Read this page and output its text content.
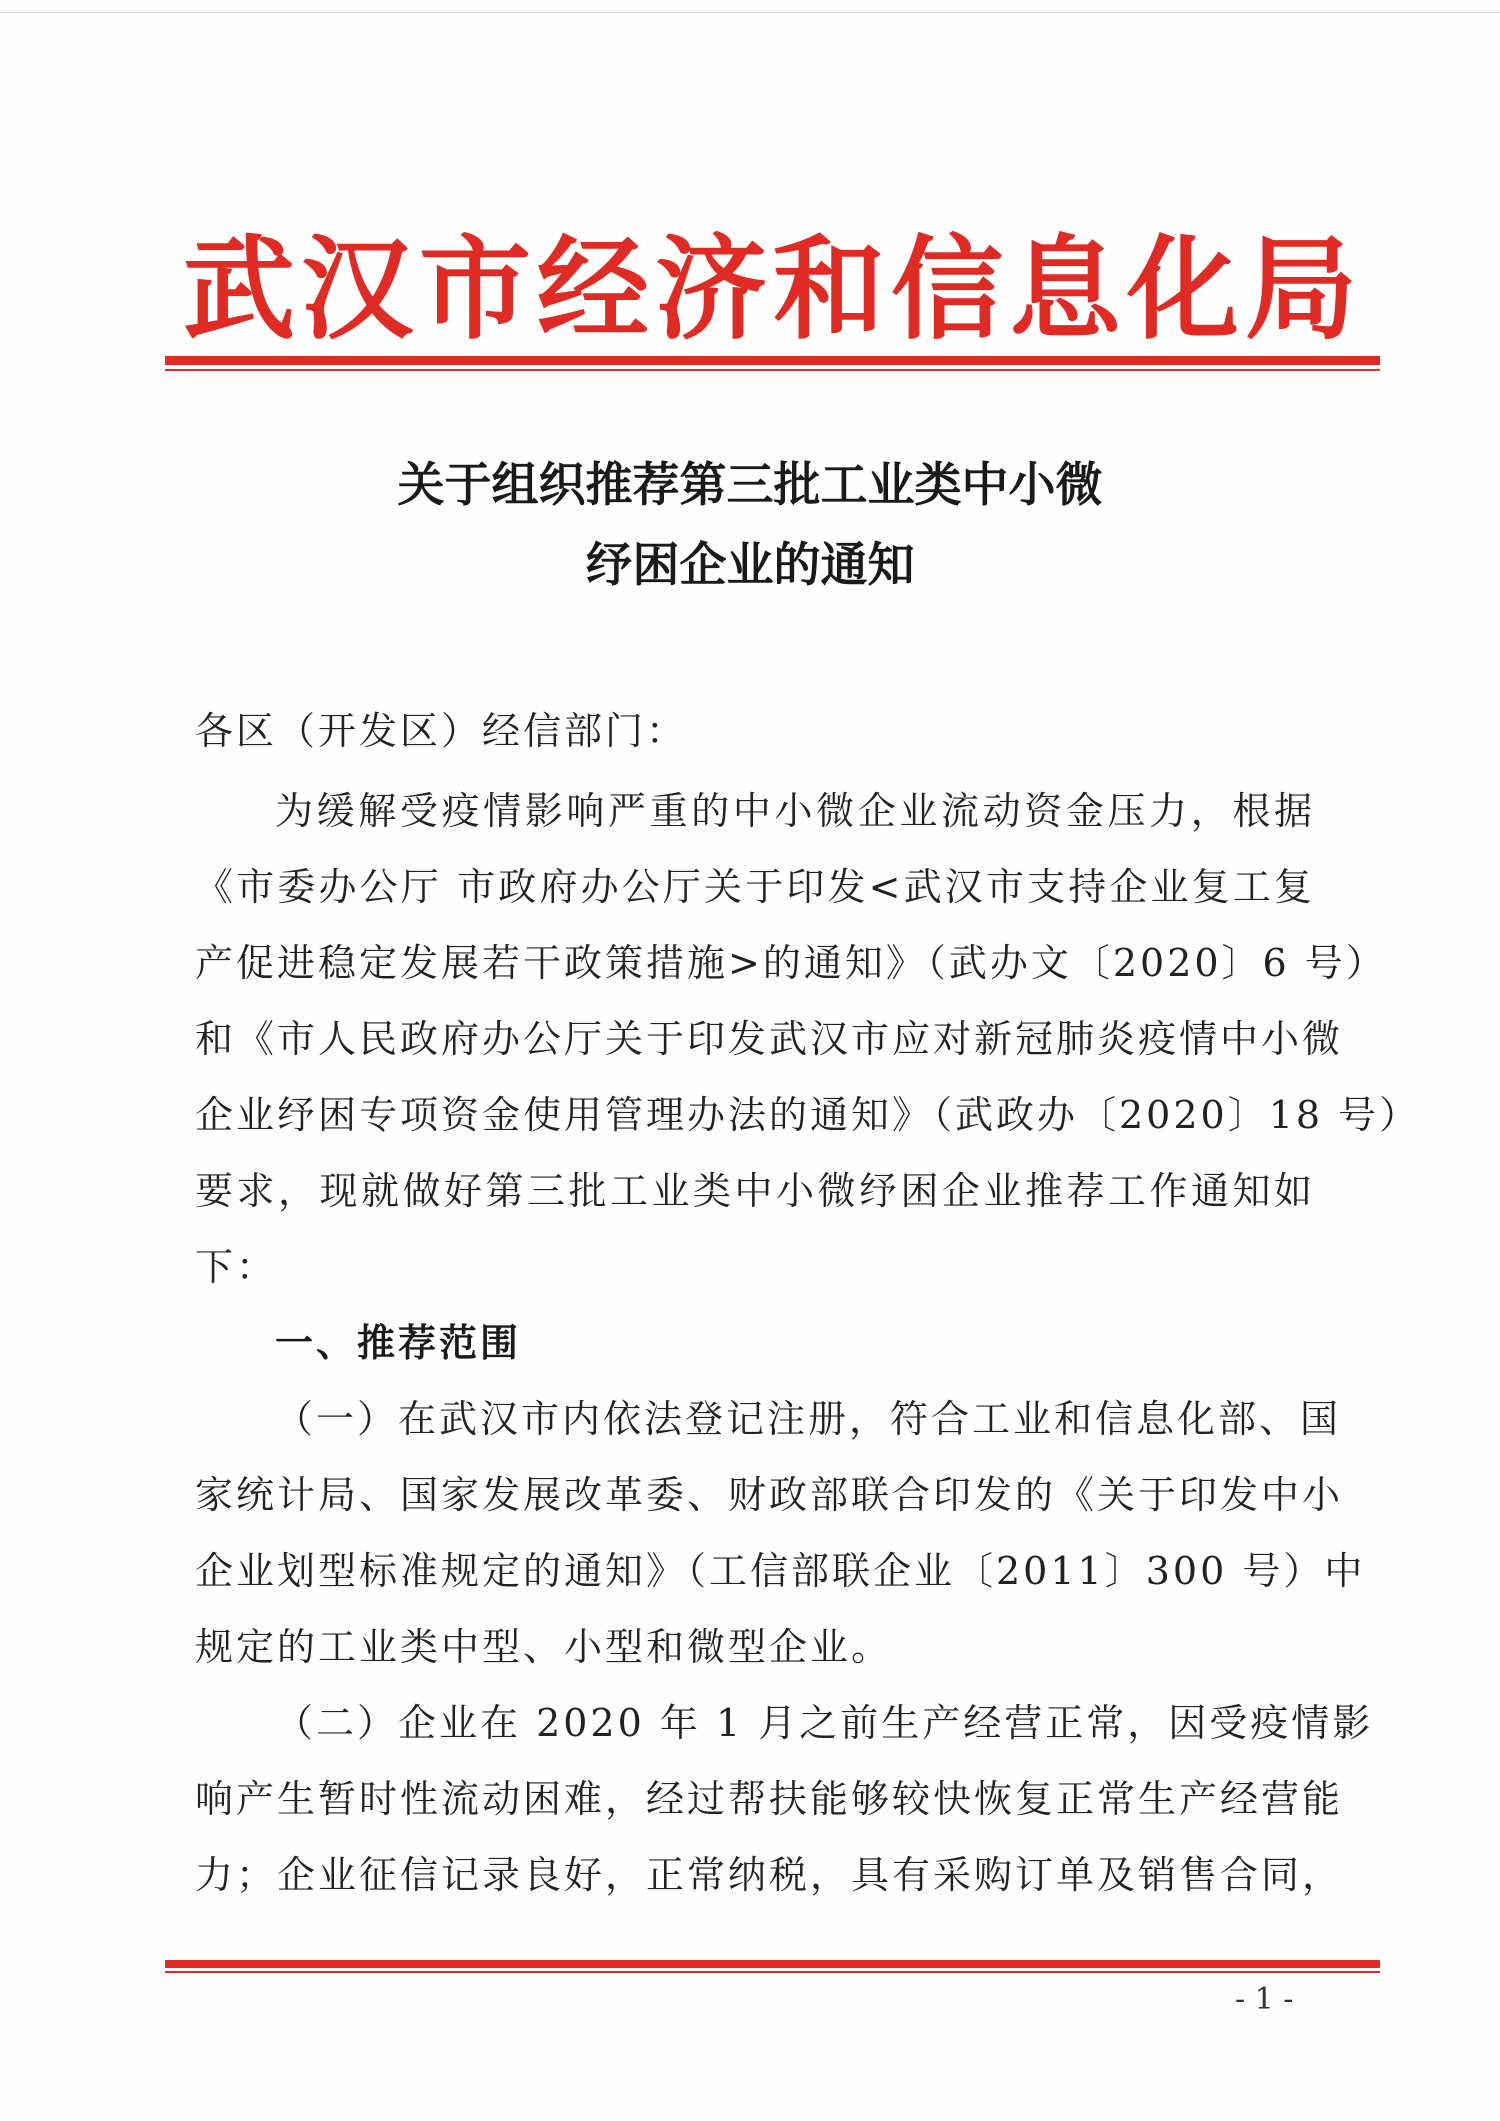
武 汉 市 经 济 和 信 息 化 局
关于组织推荐第三批工业类中小微
纾困企业的通知
各区（开发区）经信部门：
为缓解受疫情影响严重的中小微企业流动资金压力，根据
《市委办公厅 市政府办公厅关于印发<武汉市支持企业复工复
产促进稳定发展若干政策措施>的通知》（武办文〔2020〕6 号）
和《市人民政府办公厅关于印发武汉市应对新冠肺炎疫情中小微
企业纾困专项资金使用管理办法的通知》（武政办〔2020〕18 号）
要求，现就做好第三批工业类中小微纾困企业推荐工作通知如
下：
一、推荐范围
（一）在武汉市内依法登记注册，符合工业和信息化部、国
家统计局、国家发展改革委、财政部联合印发的《关于印发中小
企业划型标准规定的通知》（工信部联企业〔2011〕300 号）中
规定的工业类中型、小型和微型企业。
（二）企业在 2020 年 1 月之前生产经营正常，因受疫情影
响产生暂时性流动困难，经过帮扶能够较快恢复正常生产经营能
力；企业征信记录良好，正常纳税，具有采购订单及销售合同，
- 1 -
